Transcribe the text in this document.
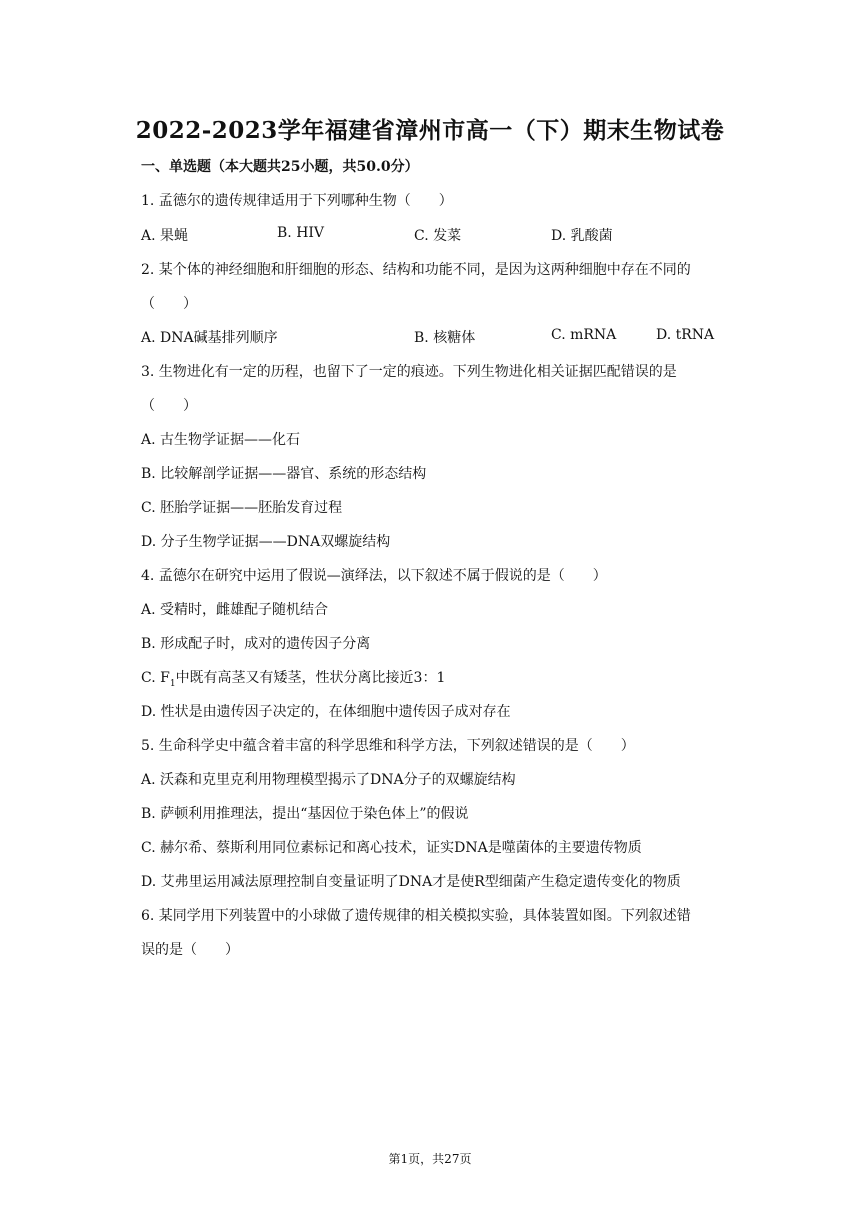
2022-2023学年福建省漳州市高一（下）期末生物试卷
一、单选题（本大题共25小题，共50.0分）
1. 孟德尔的遗传规律适用于下列哪种生物（　　）
A. 果蝇	B. HIV	C. 发菜	D. 乳酸菌
2. 某个体的神经细胞和肝细胞的形态、结构和功能不同，是因为这两种细胞中存在不同的
（　　）
A. DNA碱基排列顺序	B. 核糖体	C. mRNA	D. tRNA
3. 生物进化有一定的历程，也留下了一定的痕迹。下列生物进化相关证据匹配错误的是
（　　）
A. 古生物学证据——化石
B. 比较解剖学证据——器官、系统的形态结构
C. 胚胎学证据——胚胎发育过程
D. 分子生物学证据——DNA双螺旋结构
4. 孟德尔在研究中运用了假说—演绎法，以下叙述不属于假说的是（　　）
A. 受精时，雌雄配子随机结合
B. 形成配子时，成对的遗传因子分离
C. $F_1$中既有高茎又有矮茎，性状分离比接近3：1
D. 性状是由遗传因子决定的，在体细胞中遗传因子成对存在
5. 生命科学史中蕴含着丰富的科学思维和科学方法，下列叙述错误的是（　　）
A. 沃森和克里克利用物理模型揭示了DNA分子的双螺旋结构
B. 萨顿利用推理法，提出“基因位于染色体上”的假说
C. 赫尔希、蔡斯利用同位素标记和离心技术，证实DNA是噬菌体的主要遗传物质
D. 艾弗里运用减法原理控制自变量证明了DNA才是使R型细菌产生稳定遗传变化的物质
6. 某同学用下列装置中的小球做了遗传规律的相关模拟实验，具体装置如图。下列叙述错
误的是（　　）
第1页，共27页
